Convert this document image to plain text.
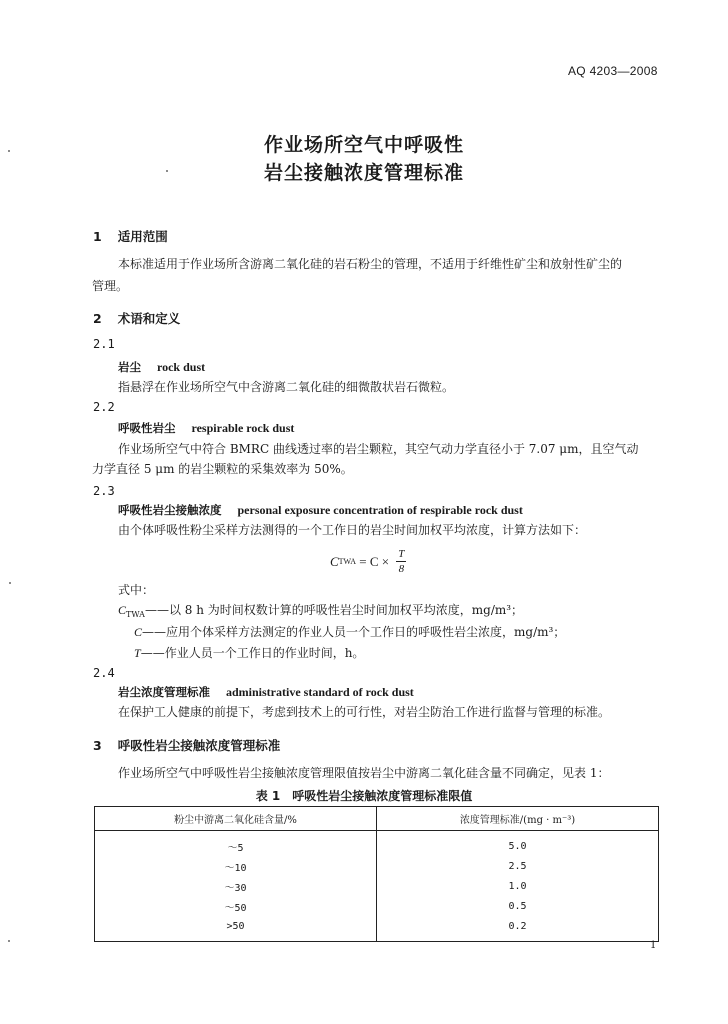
AQ 4203—2008
作业场所空气中呼吸性
岩尘接触浓度管理标准
1 适用范围
本标准适用于作业场所含游离二氧化硅的岩石粉尘的管理，不适用于纤维性矿尘和放射性矿尘的
管理。
2 术语和定义
2.1
岩尘 rock dust
指悬浮在作业场所空气中含游离二氧化硅的细微散状岩石微粒。
2.2
呼吸性岩尘 respirable rock dust
作业场所空气中符合 BMRC 曲线透过率的岩尘颗粒，其空气动力学直径小于 7.07 μm，且空气动
力学直径 5 μm 的岩尘颗粒的采集效率为 50%。
2.3
呼吸性岩尘接触浓度 personal exposure concentration of respirable rock dust
由个体呼吸性粉尘采样方法测得的一个工作日的岩尘时间加权平均浓度，计算方法如下：
C TWA = $C \times \frac{T}{8}$
式中：
$C_{TWA}——$以 8 h 为时间权数计算的呼吸性岩尘时间加权平均浓度，mg/m³；
C——应用个体采样方法测定的作业人员一个工作日的呼吸性岩尘浓度，mg/m³；
T——作业人员一个工作日的作业时间，h。
2.4
岩尘浓度管理标准 administrative standard of rock dust
在保护工人健康的前提下，考虑到技术上的可行性，对岩尘防治工作进行监督与管理的标准。
3 呼吸性岩尘接触浓度管理标准
作业场所空气中呼吸性岩尘接触浓度管理限值按岩尘中游离二氧化硅含量不同确定，见表 1：
表 1　呼吸性岩尘接触浓度管理标准限值
粉尘中游离二氧化硅含量/%	浓度管理标准/(mg · m⁻³)
～5	5.0
～10	2.5
～30	1.0
～50	0.5
>50	0.2
1
